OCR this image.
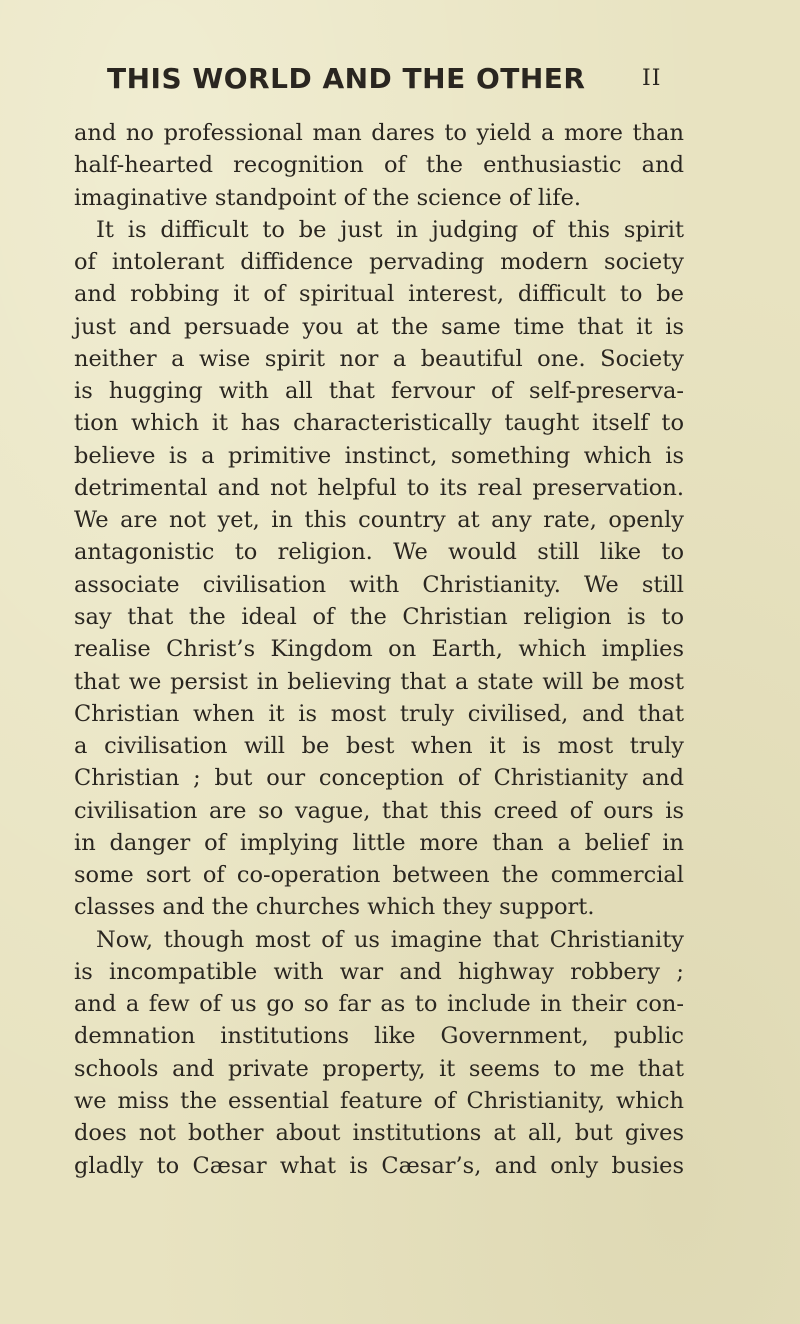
THIS WORLD AND THE OTHER	II
and no professional man dares to yield a more than
half-hearted recognition of the enthusiastic and
imaginative standpoint of the science of life.
It is difficult to be just in judging of this spirit
of intolerant diffidence pervading modern society
and robbing it of spiritual interest, difficult to be
just and persuade you at the same time that it is
neither a wise spirit nor a beautiful one. Society
is hugging with all that fervour of self-preserva-
tion which it has characteristically taught itself to
believe is a primitive instinct, something which is
detrimental and not helpful to its real preservation.
We are not yet, in this country at any rate, openly
antagonistic to religion. We would still like to
associate civilisation with Christianity. We still
say that the ideal of the Christian religion is to
realise Christ’s Kingdom on Earth, which implies
that we persist in believing that a state will be most
Christian when it is most truly civilised, and that
a civilisation will be best when it is most truly
Christian ; but our conception of Christianity and
civilisation are so vague, that this creed of ours is
in danger of implying little more than a belief in
some sort of co-operation between the commercial
classes and the churches which they support.
Now, though most of us imagine that Christianity
is incompatible with war and highway robbery ;
and a few of us go so far as to include in their con-
demnation institutions like Government, public
schools and private property, it seems to me that
we miss the essential feature of Christianity, which
does not bother about institutions at all, but gives
gladly to Cæsar what is Cæsar’s, and only busies
